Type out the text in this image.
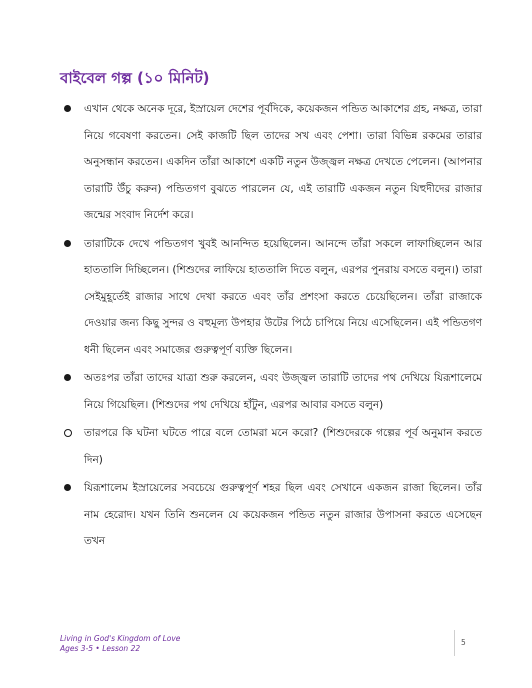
বাইবেল গল্প (১০ মিনিট)

এখান থেকে অনেক দূরে, ইস্রায়েল দেশের পূর্বদিকে, কয়েকজন পন্ডিত আকাশের গ্রহ, নক্ষত্র, তারা নিয়ে গবেষণা করতেন। সেই কাজটি ছিল তাদের সখ এবং পেশা। তারা বিভিন্ন রকমের তারার অনুসন্ধান করতেন। একদিন তাঁরা আকাশে একটি নতুন উজ্জ্বল নক্ষত্র দেখতে পেলেন। (আপনার তারাটি উঁচু করুন) পন্ডিতগণ বুঝতে পারলেন যে, এই তারাটি একজন নতুন যিহুদীদের রাজার জন্মের সংবাদ নির্দেশ করে।

তারাটিকে দেখে পন্ডিতগণ খুবই আনন্দিত হয়েছিলেন। আনন্দে তাঁরা সকলে লাফাচ্ছিলেন আর হাততালি দিচ্ছিলেন। (শিশুদের লাফিয়ে হাততালি দিতে বলুন, এরপর পুনরায় বসতে বলুন।) তারা সেইমুহূর্তেই রাজার সাথে দেখা করতে এবং তাঁর প্রশংসা করতে চেয়েছিলেন। তাঁরা রাজাকে দেওয়ার জন্য কিছু সুন্দর ও বহুমূল্য উপহার উটের পিঠে চাপিয়ে নিয়ে এসেছিলেন। এই পন্ডিতগণ ধনী ছিলেন এবং সমাজের গুরুত্বপূর্ণ ব্যক্তি ছিলেন।

অতঃপর তাঁরা তাদের যাত্রা শুরু করলেন, এবং উজ্জ্বল তারাটি তাদের পথ দেখিয়ে যিরূশালেমে নিয়ে গিয়েছিল। (শিশুদের পথ দেখিয়ে হাঁটুন, এরপর আবার বসতে বলুন)

তারপরে কি ঘটনা ঘটতে পারে বলে তোমরা মনে করো? (শিশুদেরকে গল্পের পূর্ব অনুমান করতে দিন)

যিরূশালেম ইস্রায়েলের সবচেয়ে গুরুত্বপূর্ণ শহর ছিল এবং সেখানে একজন রাজা ছিলেন। তাঁর নাম হেরোদ। যখন তিনি শুনলেন যে কয়েকজন পন্ডিত নতুন রাজার উপাসনা করতে এসেছেন তখন

Living in God's Kingdom of Love
Ages 3-5 • Lesson 22
5
